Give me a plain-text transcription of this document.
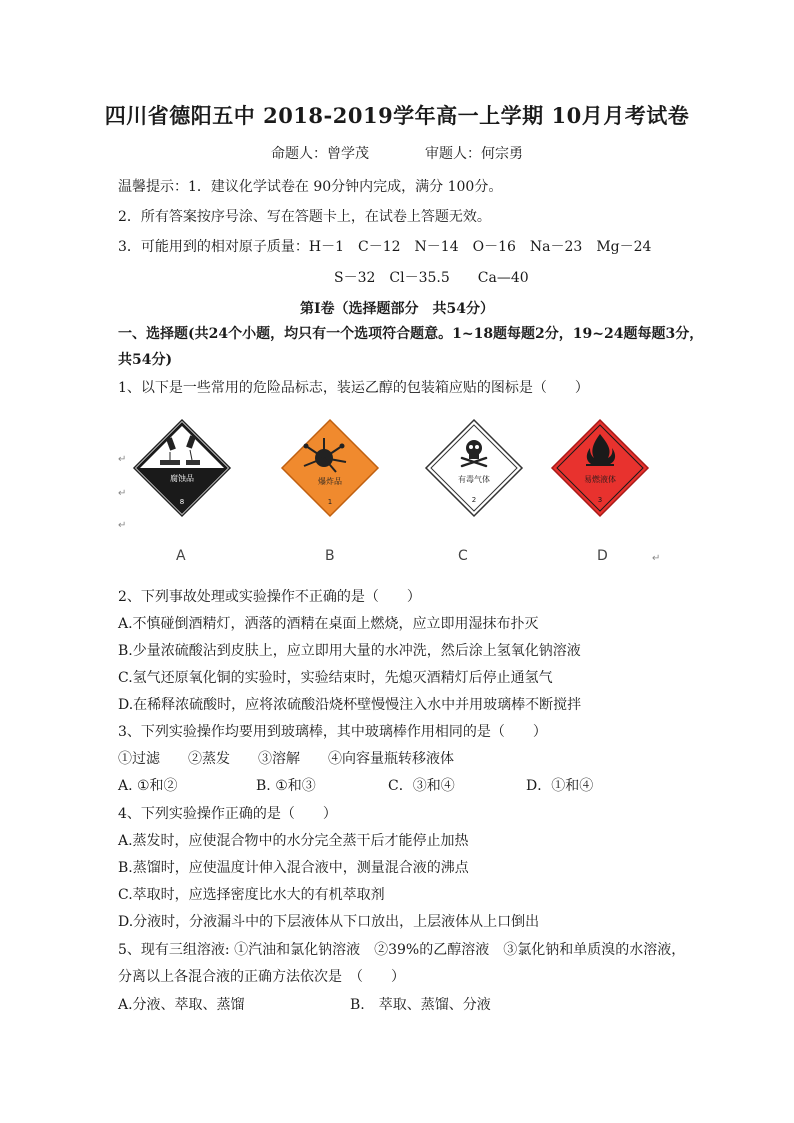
四川省德阳五中 2018-2019学年高一上学期 10月月考试卷
命题人：曾学茂	审题人：何宗勇
温馨提示：1．建议化学试卷在 90分钟内完成，满分 100分。
2．所有答案按序号涂、写在答题卡上，在试卷上答题无效。
3．可能用到的相对原子质量：H－1　C－12　N－14　O－16　Na－23　Mg－24
S－32　Cl－35.5　　Ca—40
第Ⅰ卷（选择题部分　共54分）
一、选择题(共24个小题，均只有一个选项符合题意。1~18题每题2分，19~24题每题3分，
共54分)
1、以下是一些常用的危险品标志，装运乙醇的包装箱应贴的图标是（　　）
↵
↵
↵
↵
腐蚀品
8
爆炸品
1
有毒气体
2
易燃液体
3
A	B	C	D
2、下列事故处理或实验操作不正确的是（　　）
A.不慎碰倒酒精灯，洒落的酒精在桌面上燃烧，应立即用湿抹布扑灭
B.少量浓硫酸沾到皮肤上，应立即用大量的水冲洗，然后涂上氢氧化钠溶液
C.氢气还原氧化铜的实验时，实验结束时，先熄灭酒精灯后停止通氢气
D.在稀释浓硫酸时，应将浓硫酸沿烧杯壁慢慢注入水中并用玻璃棒不断搅拌
3、下列实验操作均要用到玻璃棒，其中玻璃棒作用相同的是（　　）
①过滤　　②蒸发　　③溶解　　④向容量瓶转移液体
A. ①和②	B. ①和③	C．③和④	D．①和④
4、下列实验操作正确的是（　　）
A.蒸发时，应使混合物中的水分完全蒸干后才能停止加热
B.蒸馏时，应使温度计伸入混合液中，测量混合液的沸点
C.萃取时，应选择密度比水大的有机萃取剂
D.分液时，分液漏斗中的下层液体从下口放出，上层液体从上口倒出
5、现有三组溶液: ①汽油和氯化钠溶液　②39%的乙醇溶液　③氯化钠和单质溴的水溶液，
分离以上各混合液的正确方法依次是　（　　）
A.分液、萃取、蒸馏	B.　萃取、蒸馏、分液
